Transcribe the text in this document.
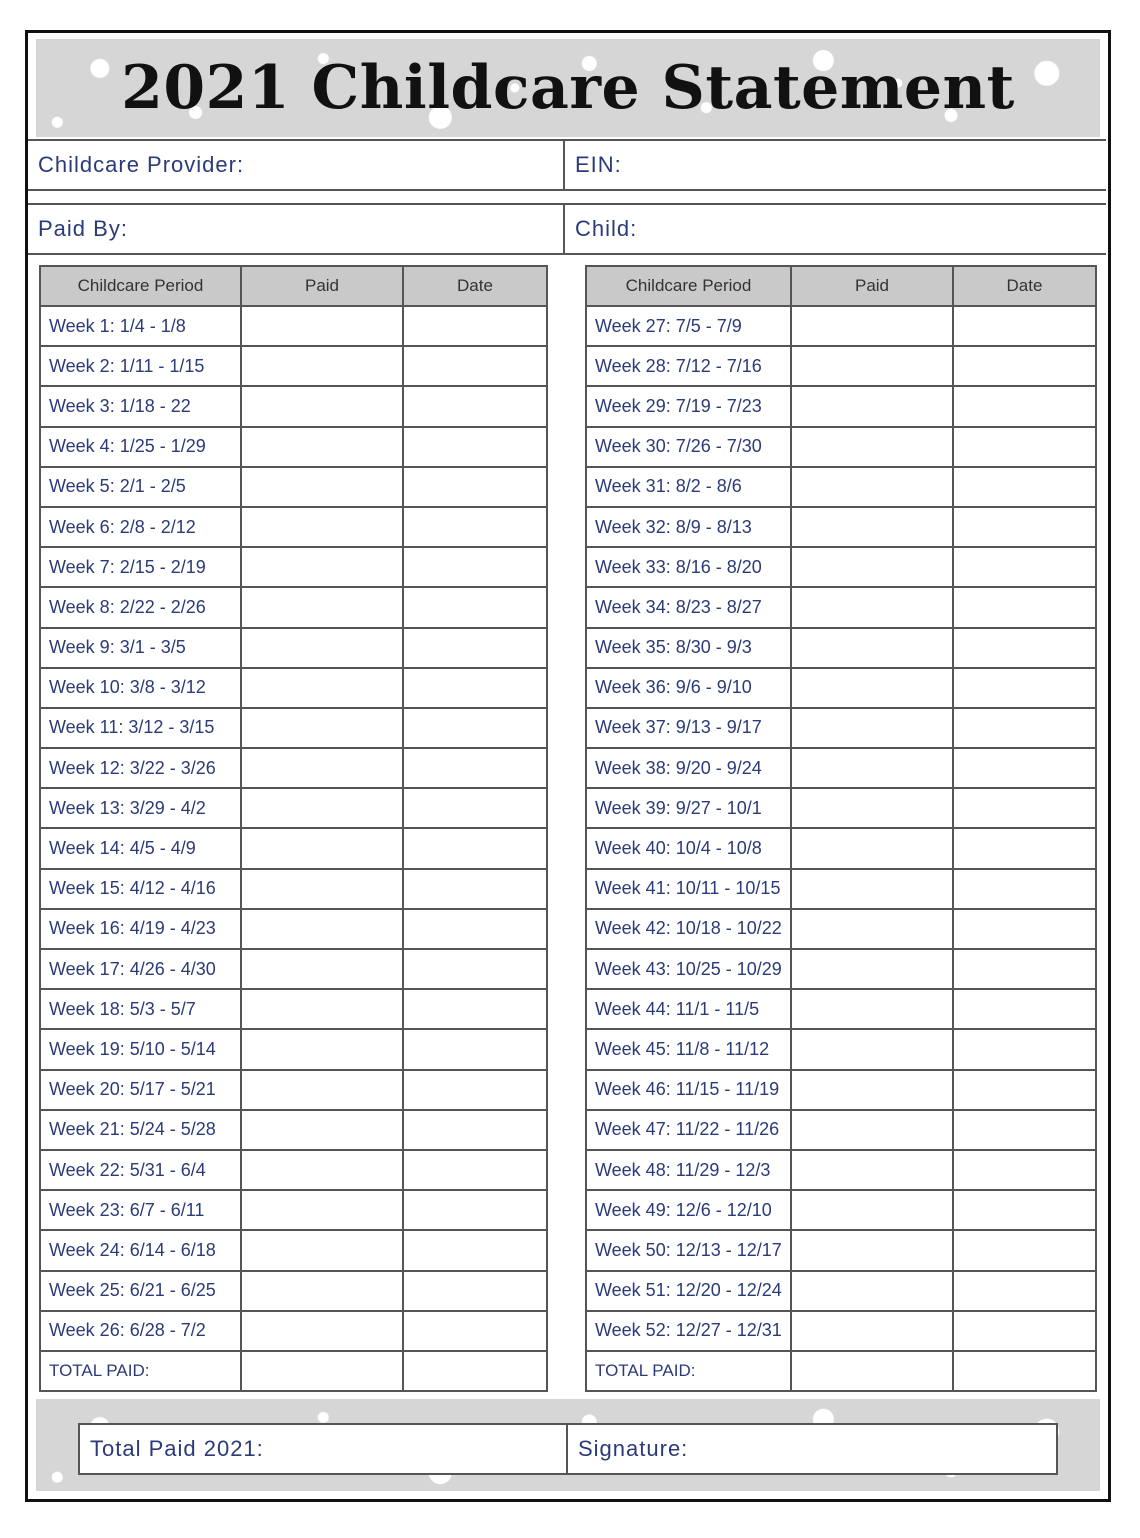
2021 Childcare Statement
Childcare Provider:	EIN:
Paid By:	Child:
Childcare Period	Paid	Date
Week 1: 1/4 - 1/8		
Week 2: 1/11 - 1/15		
Week 3: 1/18 - 22		
Week 4: 1/25 - 1/29		
Week 5: 2/1 - 2/5		
Week 6: 2/8 - 2/12		
Week 7: 2/15 - 2/19		
Week 8: 2/22 - 2/26		
Week 9: 3/1 - 3/5		
Week 10: 3/8 - 3/12		
Week 11: 3/12 - 3/15		
Week 12: 3/22 - 3/26		
Week 13: 3/29 - 4/2		
Week 14: 4/5 - 4/9		
Week 15: 4/12 - 4/16		
Week 16: 4/19 - 4/23		
Week 17: 4/26 - 4/30		
Week 18: 5/3 - 5/7		
Week 19: 5/10 - 5/14		
Week 20: 5/17 - 5/21		
Week 21: 5/24 - 5/28		
Week 22: 5/31 - 6/4		
Week 23: 6/7 - 6/11		
Week 24: 6/14 - 6/18		
Week 25: 6/21 - 6/25		
Week 26: 6/28 - 7/2		
TOTAL PAID:		
Childcare Period	Paid	Date
Week 27: 7/5 - 7/9		
Week 28: 7/12 - 7/16		
Week 29: 7/19 - 7/23		
Week 30: 7/26 - 7/30		
Week 31: 8/2 - 8/6		
Week 32: 8/9 - 8/13		
Week 33: 8/16 - 8/20		
Week 34: 8/23 - 8/27		
Week 35: 8/30 - 9/3		
Week 36: 9/6 - 9/10		
Week 37: 9/13 - 9/17		
Week 38: 9/20 - 9/24		
Week 39: 9/27 - 10/1		
Week 40: 10/4 - 10/8		
Week 41: 10/11 - 10/15		
Week 42: 10/18 - 10/22		
Week 43: 10/25 - 10/29		
Week 44: 11/1 - 11/5		
Week 45: 11/8 - 11/12		
Week 46: 11/15 - 11/19		
Week 47: 11/22 - 11/26		
Week 48: 11/29 - 12/3		
Week 49: 12/6 - 12/10		
Week 50: 12/13 - 12/17		
Week 51: 12/20 - 12/24		
Week 52: 12/27 - 12/31		
TOTAL PAID:		
Total Paid 2021:	Signature:
